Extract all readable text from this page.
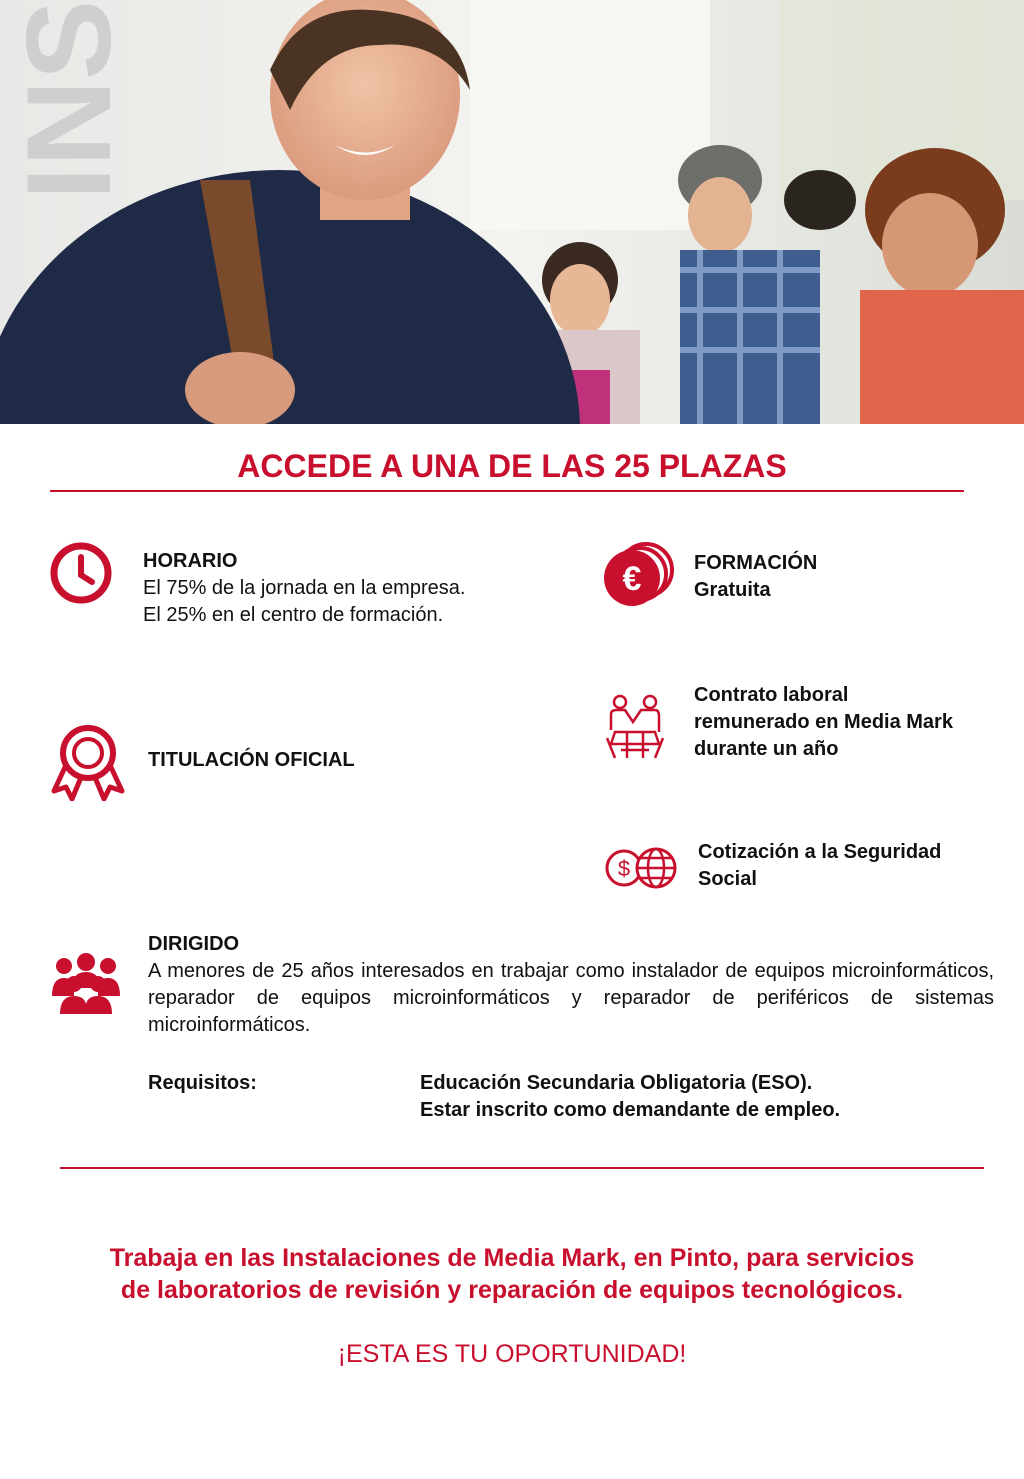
INS
ACCEDE A UNA DE LAS 25 PLAZAS
HORARIO
El 75% de la jornada en la empresa.
El 25% en el centro de formación.
€	FORMACIÓN
Gratuita
Contrato laboral
remunerado en Media Mark
durante un año
TITULACIÓN OFICIAL
$
Cotización a la Seguridad
Social
DIRIGIDO
A menores de 25 años interesados en trabajar como instalador de equipos microinformáticos, reparador de equipos microinformáticos y reparador de periféricos de sistemas microinformáticos.
Requisitos:	Educación Secundaria Obligatoria (ESO).
Estar inscrito como demandante de empleo.

Trabaja en las Instalaciones de Media Mark, en Pinto, para servicios

de laboratorios de revisión y reparación de equipos tecnológicos.

¡ESTA ES TU OPORTUNIDAD!
